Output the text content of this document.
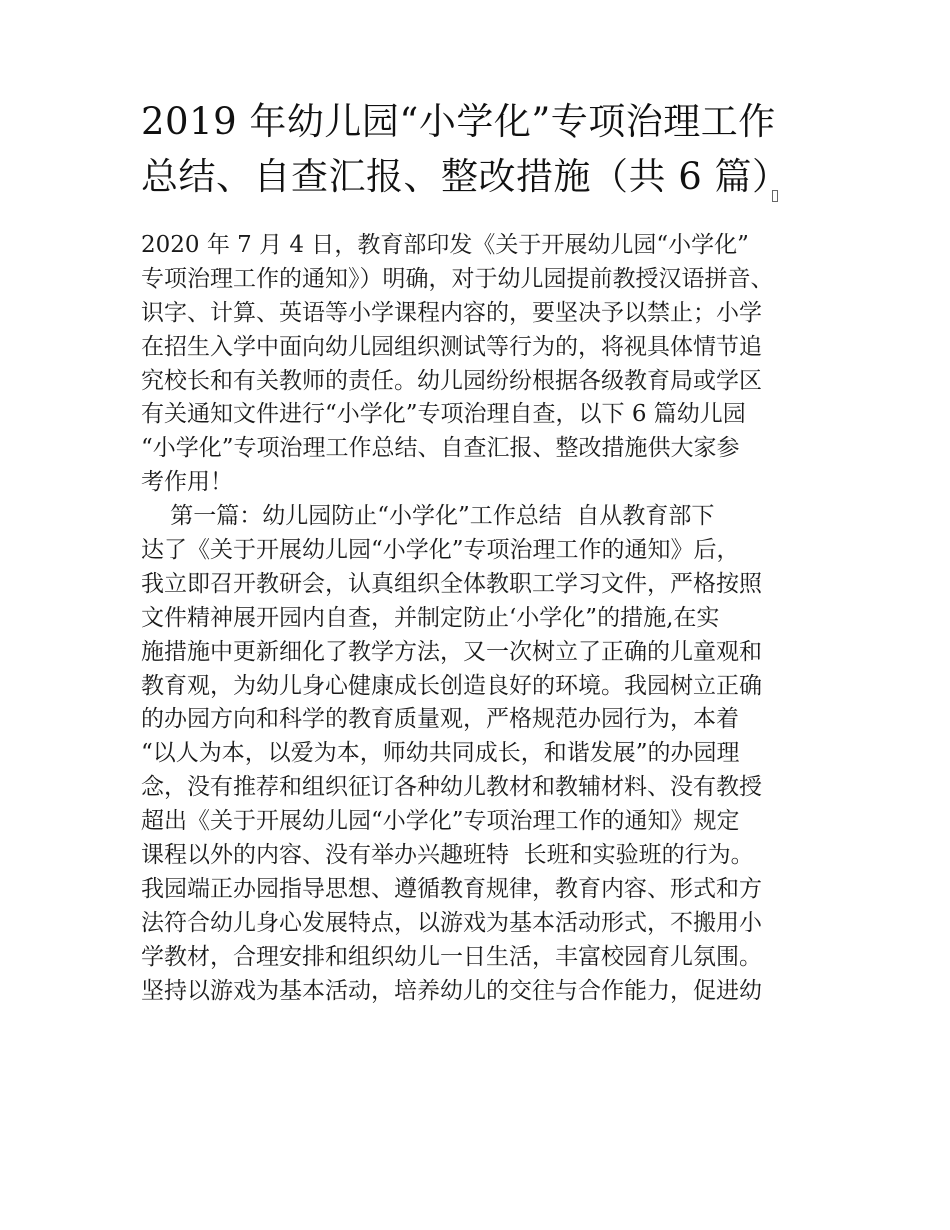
2019 年幼儿园“小学化”专项治理工作
总结、自查汇报、整改措施（共 6 篇）
2020 年 7 月 4 日，教育部印发《关于开展幼儿园“小学化”
专项治理工作的通知》）明确，对于幼儿园提前教授汉语拼音、
识字、计算、英语等小学课程内容的，要坚决予以禁止；小学
在招生入学中面向幼儿园组织测试等行为的，将视具体情节追
究校长和有关教师的责任。幼儿园纷纷根据各级教育局或学区
有关通知文件进行“小学化”专项治理自查，以下 6 篇幼儿园
“小学化”专项治理工作总结、自查汇报、整改措施供大家参
考作用！
第一篇：幼儿园防止“小学化”工作总结  自从教育部下
达了《关于开展幼儿园“小学化”专项治理工作的通知》后，
我立即召开教研会，认真组织全体教职工学习文件，严格按照
文件精神展开园内自查，并制定防止‘小学化”的措施,在实
施措施中更新细化了教学方法，又一次树立了正确的儿童观和
教育观，为幼儿身心健康成长创造良好的环境。我园树立正确
的办园方向和科学的教育质量观，严格规范办园行为，本着
“以人为本，以爱为本，师幼共同成长，和谐发展”的办园理
念，没有推荐和组织征订各种幼儿教材和教辅材料、没有教授
超出《关于开展幼儿园“小学化”专项治理工作的通知》规定
课程以外的内容、没有举办兴趣班特  长班和实验班的行为。
我园端正办园指导思想、遵循教育规律，教育内容、形式和方
法符合幼儿身心发展特点，以游戏为基本活动形式，不搬用小
学教材，合理安排和组织幼儿一日生活，丰富校园育儿氛围。
坚持以游戏为基本活动，培养幼儿的交往与合作能力，促进幼
